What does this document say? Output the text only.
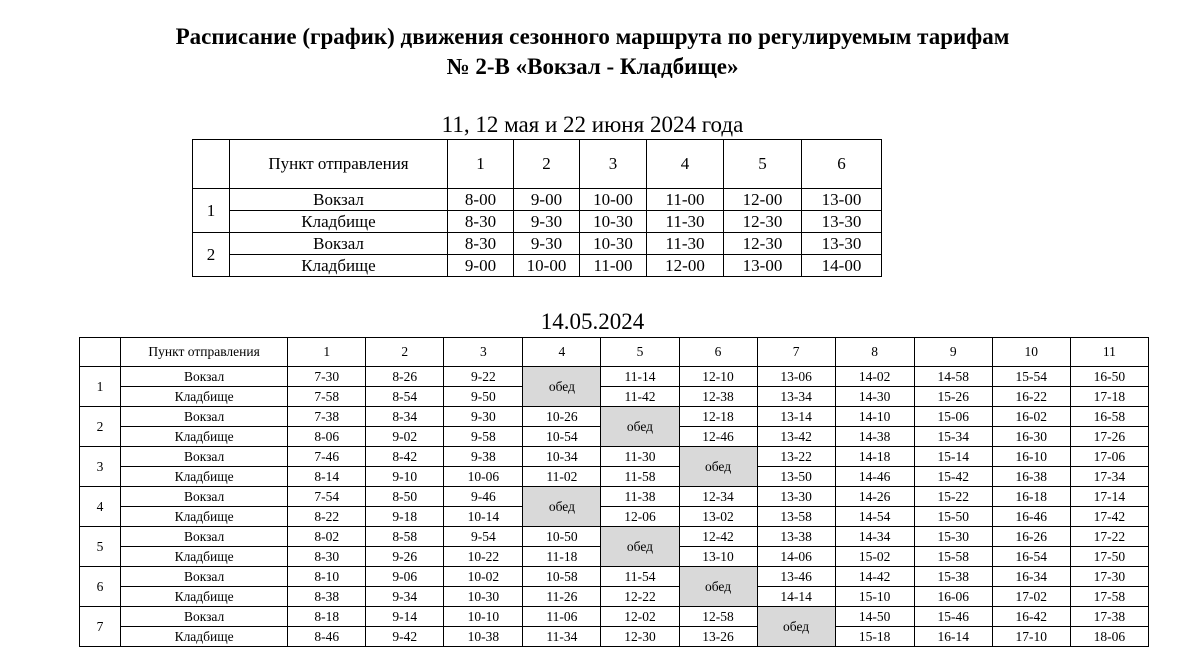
Расписание (график) движения сезонного маршрута по регулируемым тарифам
№ 2-В «Вокзал - Кладбище»
11, 12 мая и 22 июня 2024 года
	Пункт отправления	1	2	3	4	5	6
1	Вокзал	8-00	9-00	10-00	11-00	12-00	13-00
	Кладбище	8-30	9-30	10-30	11-30	12-30	13-30
2	Вокзал	8-30	9-30	10-30	11-30	12-30	13-30
	Кладбище	9-00	10-00	11-00	12-00	13-00	14-00
14.05.2024
	Пункт отправления	1	2	3	4	5	6	7	8	9	10	11
1	Вокзал	7-30	8-26	9-22	обед	11-14	12-10	13-06	14-02	14-58	15-54	16-50
	Кладбище	7-58	8-54	9-50		11-42	12-38	13-34	14-30	15-26	16-22	17-18
2	Вокзал	7-38	8-34	9-30	10-26	обед	12-18	13-14	14-10	15-06	16-02	16-58
	Кладбище	8-06	9-02	9-58	10-54		12-46	13-42	14-38	15-34	16-30	17-26
3	Вокзал	7-46	8-42	9-38	10-34	11-30	обед	13-22	14-18	15-14	16-10	17-06
	Кладбище	8-14	9-10	10-06	11-02	11-58		13-50	14-46	15-42	16-38	17-34
4	Вокзал	7-54	8-50	9-46	обед	11-38	12-34	13-30	14-26	15-22	16-18	17-14
	Кладбище	8-22	9-18	10-14		12-06	13-02	13-58	14-54	15-50	16-46	17-42
5	Вокзал	8-02	8-58	9-54	10-50	обед	12-42	13-38	14-34	15-30	16-26	17-22
	Кладбище	8-30	9-26	10-22	11-18		13-10	14-06	15-02	15-58	16-54	17-50
6	Вокзал	8-10	9-06	10-02	10-58	11-54	обед	13-46	14-42	15-38	16-34	17-30
	Кладбище	8-38	9-34	10-30	11-26	12-22		14-14	15-10	16-06	17-02	17-58
7	Вокзал	8-18	9-14	10-10	11-06	12-02	12-58	обед	14-50	15-46	16-42	17-38
	Кладбище	8-46	9-42	10-38	11-34	12-30	13-26		15-18	16-14	17-10	18-06
